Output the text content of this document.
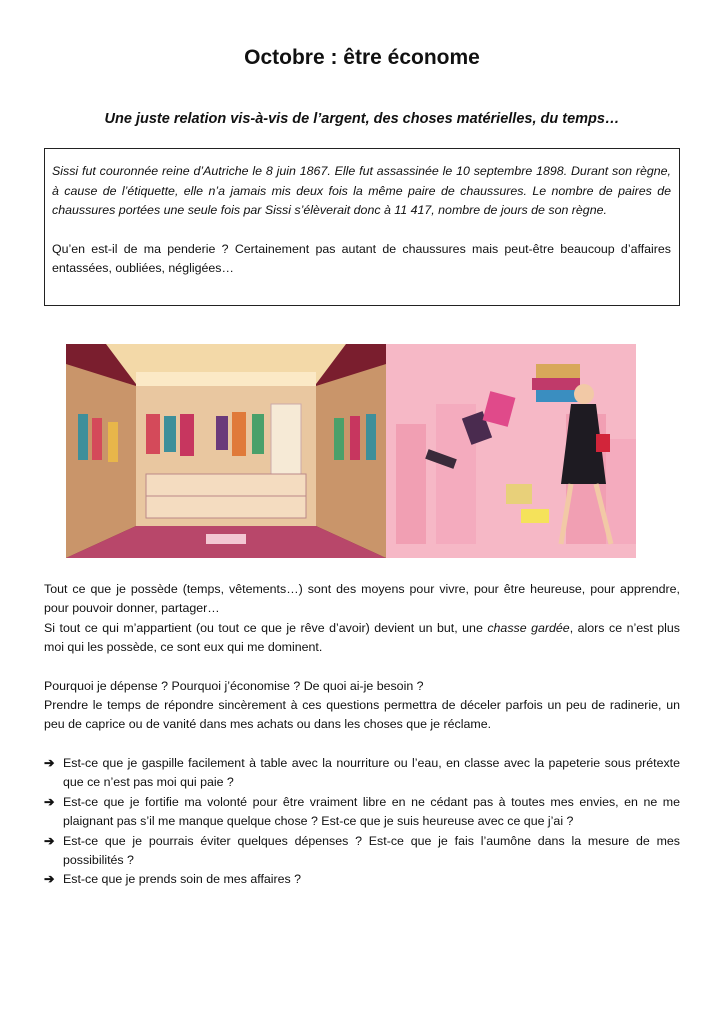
Octobre : être économe

Une juste relation vis-à-vis de l’argent, des choses matérielles, du temps…

Sissi fut couronnée reine d’Autriche le 8 juin 1867. Elle fut assassinée le 10 septembre 1898. Durant son règne, à cause de l’étiquette, elle n’a jamais mis deux fois la même paire de chaussures. Le nombre de paires de chaussures portées une seule fois par Sissi s’élèverait donc à 11 417, nombre de jours de son règne.

Qu’en est-il de ma penderie ? Certainement pas autant de chaussures mais peut-être beaucoup d’affaires entassées, oubliées, négligées…

Tout ce que je possède (temps, vêtements…) sont des moyens pour vivre, pour être heureuse, pour apprendre, pour pouvoir donner, partager…

Si tout ce qui m’appartient (ou tout ce que je rêve d’avoir) devient un but, une chasse gardée, alors ce n’est plus moi qui les possède, ce sont eux qui me dominent.

Pourquoi je dépense ? Pourquoi j’économise ? De quoi ai-je besoin ?

Prendre le temps de répondre sincèrement à ces questions permettra de déceler parfois un peu de radinerie, un peu de caprice ou de vanité dans mes achats ou dans les choses que je réclame.

➔ Est-ce que je gaspille facilement à table avec la nourriture ou l’eau, en classe avec la papeterie sous prétexte que ce n’est pas moi qui paie ?
➔ Est-ce que je fortifie ma volonté pour être vraiment libre en ne cédant pas à toutes mes envies, en ne me plaignant pas s’il me manque quelque chose ? Est-ce que je suis heureuse avec ce que j’ai ?
➔ Est-ce que je pourrais éviter quelques dépenses ? Est-ce que je fais l’aumône dans la mesure de mes possibilités ?
➔ Est-ce que je prends soin de mes affaires ?
